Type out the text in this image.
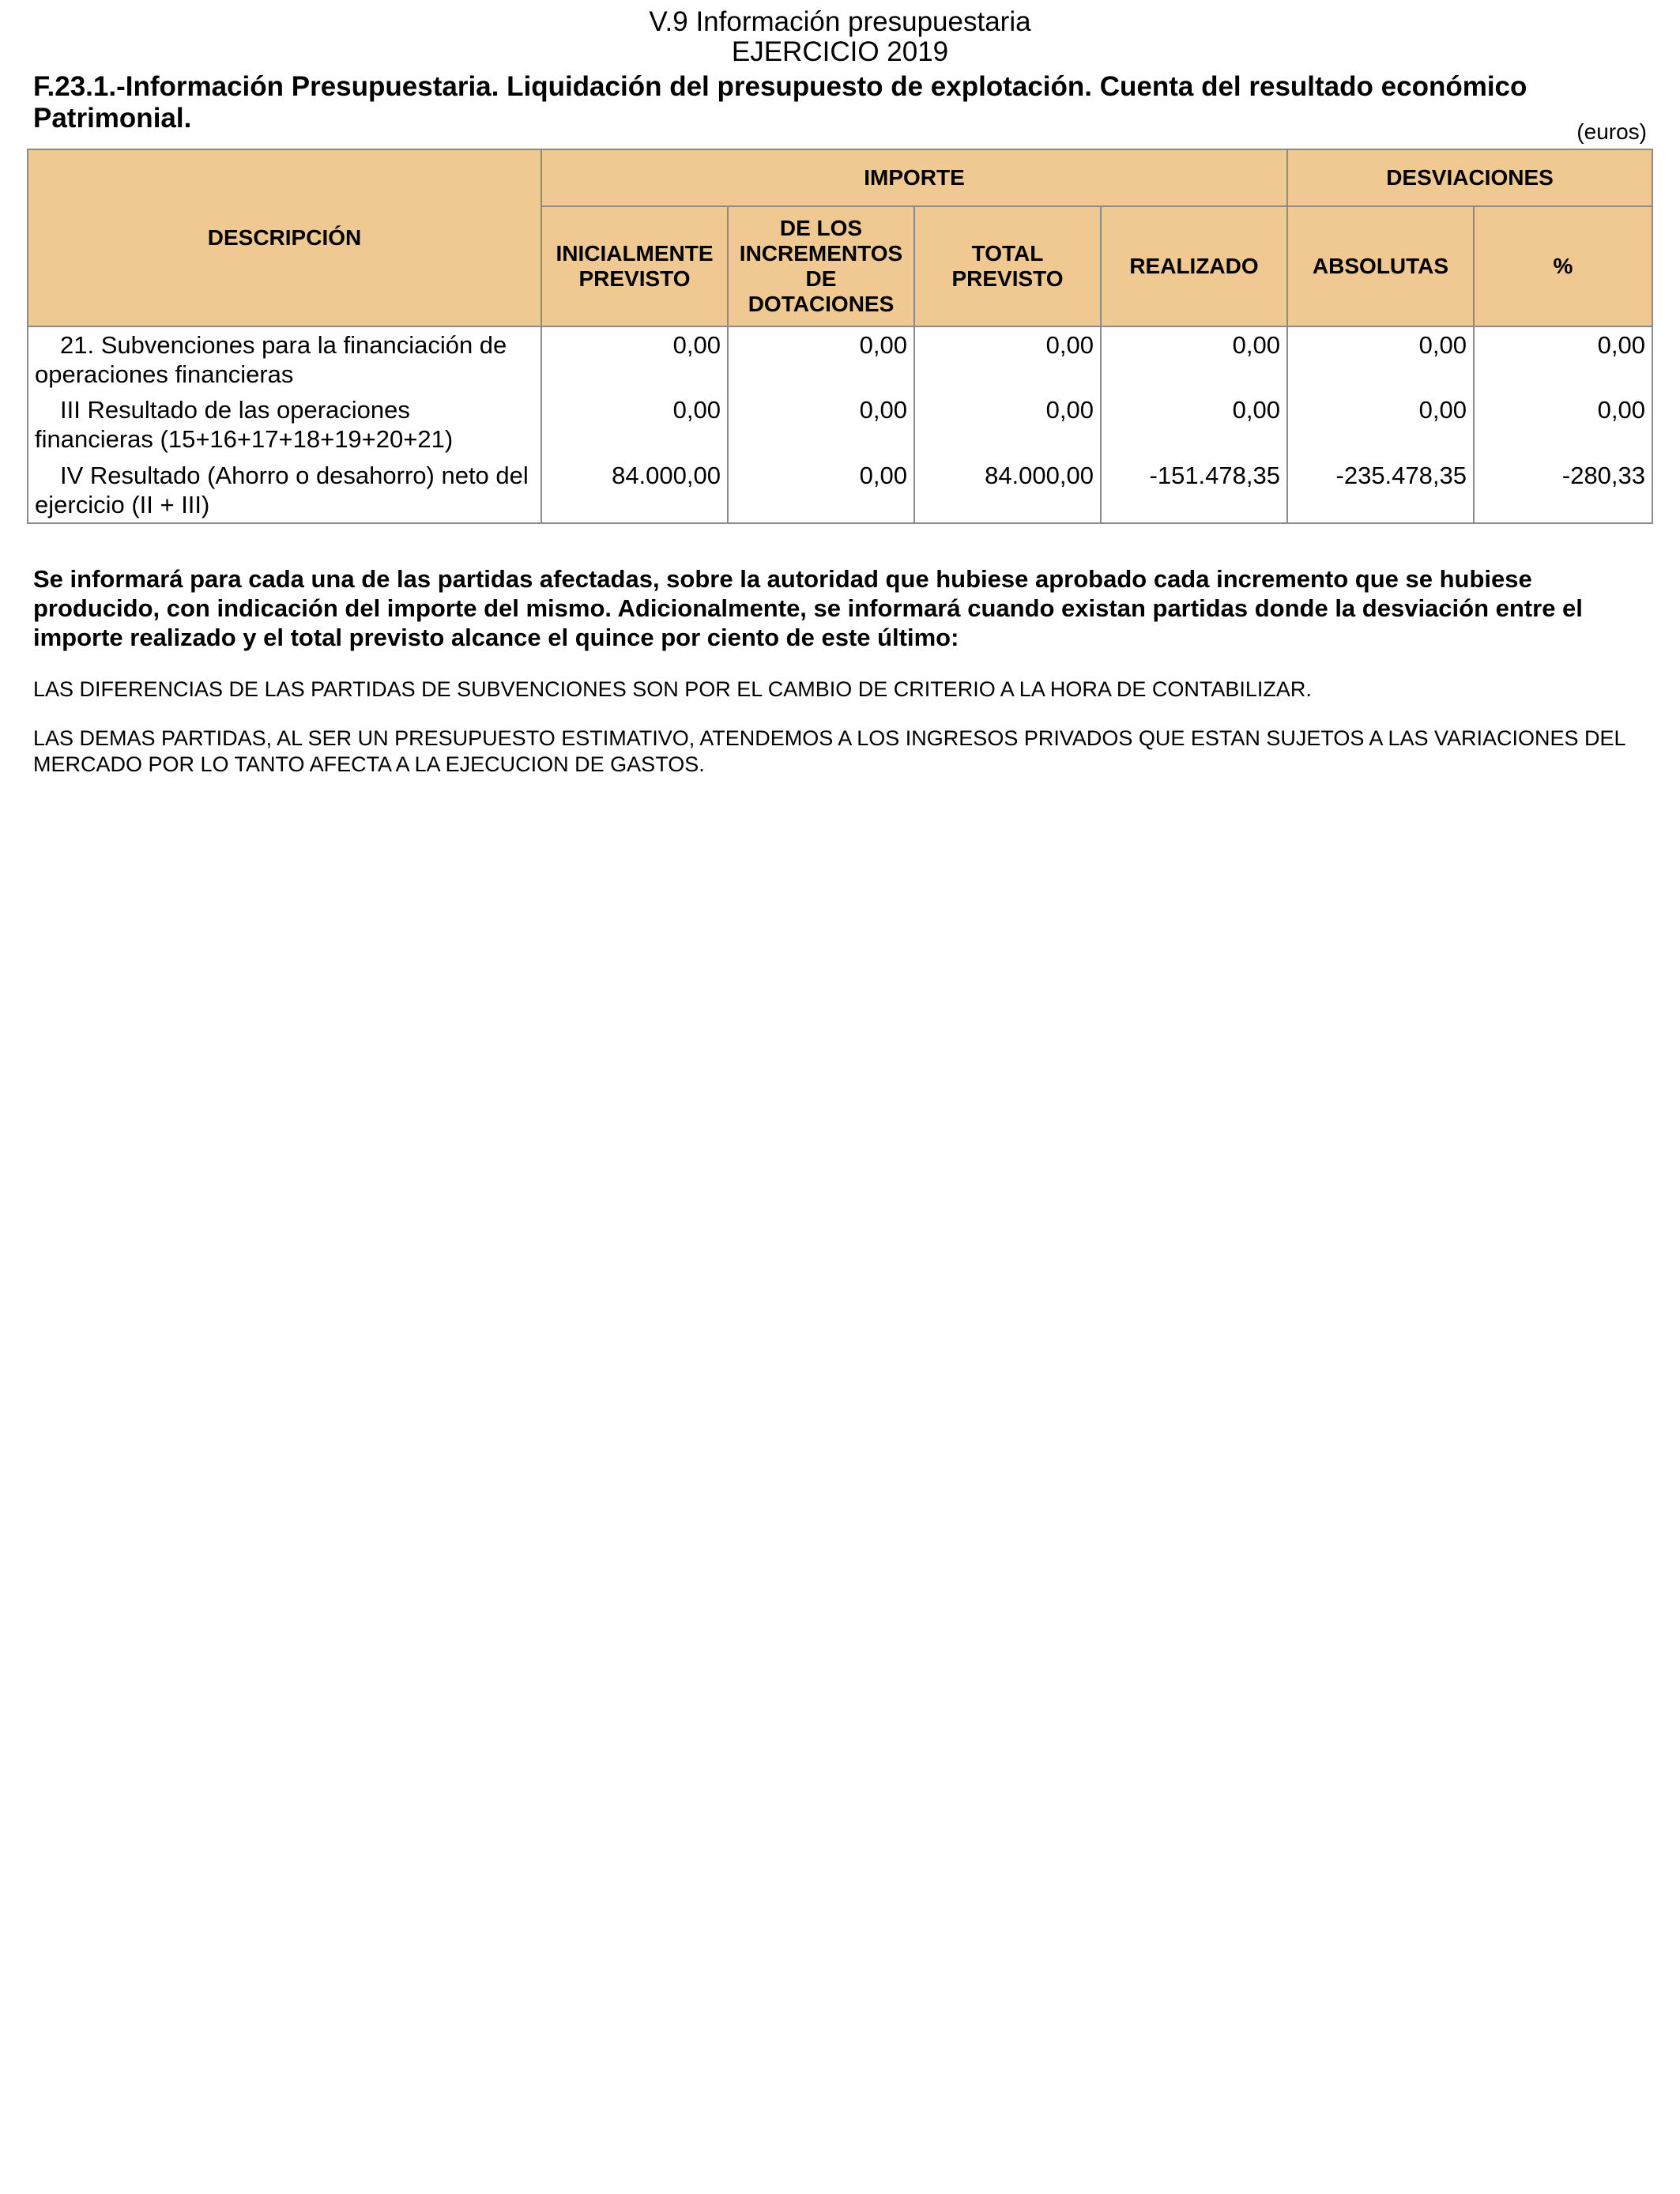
V.9 Información presupuestaria
EJERCICIO 2019
F.23.1.-Información Presupuestaria. Liquidación del presupuesto de explotación. Cuenta del resultado económico Patrimonial.	(euros)
DESCRIPCIÓN	IMPORTE				DESVIACIONES	
	INICIALMENTE PREVISTO	DE LOS INCREMENTOS DE DOTACIONES	TOTAL PREVISTO	REALIZADO	ABSOLUTAS	%
21. Subvenciones para la financiación de operaciones financieras	0,00	0,00	0,00	0,00	0,00	0,00
III Resultado de las operaciones financieras (15+16+17+18+19+20+21)	0,00	0,00	0,00	0,00	0,00	0,00
IV Resultado (Ahorro o desahorro) neto del ejercicio (II + III)	84.000,00	0,00	84.000,00	-151.478,35	-235.478,35	-280,33
Se informará para cada una de las partidas afectadas, sobre la autoridad que hubiese aprobado cada incremento que se hubiese producido, con indicación del importe del mismo. Adicionalmente, se informará cuando existan partidas donde la desviación entre el importe realizado y el total previsto alcance el quince por ciento de este último:
LAS DIFERENCIAS DE LAS PARTIDAS DE SUBVENCIONES SON POR EL CAMBIO DE CRITERIO A LA HORA DE CONTABILIZAR.
LAS DEMAS PARTIDAS, AL SER UN PRESUPUESTO ESTIMATIVO, ATENDEMOS A LOS INGRESOS PRIVADOS QUE ESTAN SUJETOS A LAS VARIACIONES DEL MERCADO POR LO TANTO AFECTA A LA EJECUCION DE GASTOS.
